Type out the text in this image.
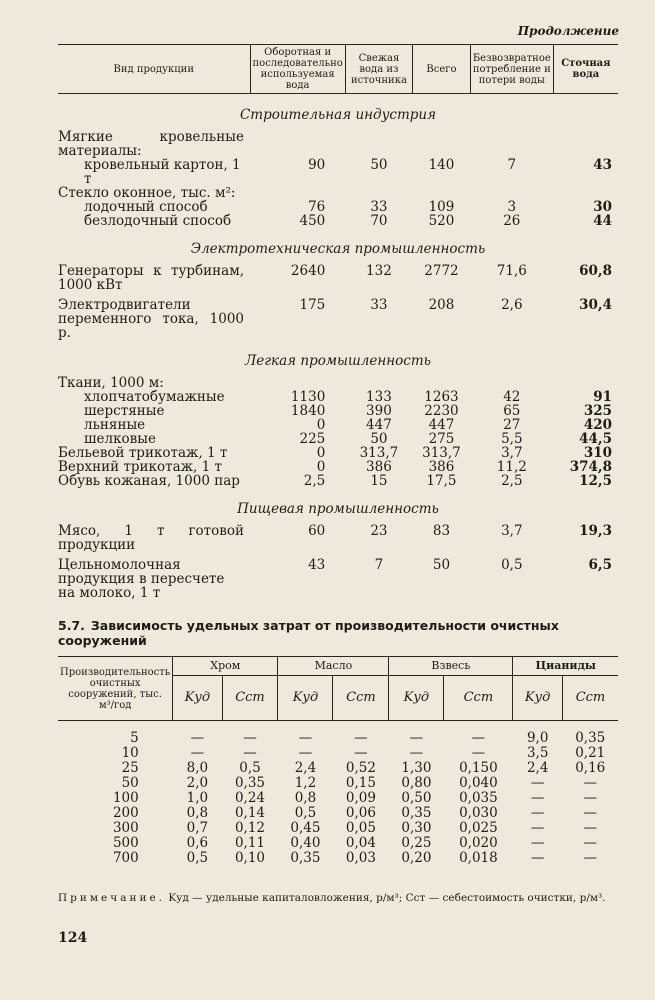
Продолжение
Вид продукции	Оборотная и последовательно используемая вода	Свежая вода из источника	Всего	Безвозвратное потребление и потери воды	Сточная вода
Строительная индустрия					
Мягкие кровельные материалы:					
кровельный картон, 1 т	90	50	140	7	43
Стекло оконное, тыс. м²:					
лодочный способ	76	33	109	3	30
безлодочный способ	450	70	520	26	44
Электротехническая промышленность					
Генераторы к турбинам, 1000 кВт	2640	132	2772	71,6	60,8
Электродвигатели переменного тока, 1000 р.	175	33	208	2,6	30,4
Легкая промышленность					
Ткани, 1000 м:					
хлопчатобумажные	1130	133	1263	42	91
шерстяные	1840	390	2230	65	325
льняные	0	447	447	27	420
шелковые	225	50	275	5,5	44,5
Бельевой трикотаж, 1 т	0	313,7	313,7	3,7	310
Верхний трикотаж, 1 т	0	386	386	11,2	374,8
Обувь кожаная, 1000 пар	2,5	15	17,5	2,5	12,5
Пищевая промышленность					
Мясо, 1 т готовой продукции	60	23	83	3,7	19,3
Цельномолочная продукция в пересчете на молоко, 1 т	43	7	50	0,5	6,5
5.7. Зависимость удельных затрат от производительности очистных сооружений
Производительность очистных сооружений, тыс. м³/год	Хром		Масло		Взвесь		Цианиды	
	Kуд	Cст	Kуд	Cст	Kуд	Cст	Kуд	Cст
5	—	—	—	—	—	—	9,0	0,35
10	—	—	—	—	—	—	3,5	0,21
25	8,0	0,5	2,4	0,52	1,30	0,150	2,4	0,16
50	2,0	0,35	1,2	0,15	0,80	0,040	—	—
100	1,0	0,24	0,8	0,09	0,50	0,035	—	—
200	0,8	0,14	0,5	0,06	0,35	0,030	—	—
300	0,7	0,12	0,45	0,05	0,30	0,025	—	—
500	0,6	0,11	0,40	0,04	0,25	0,020	—	—
700	0,5	0,10	0,35	0,03	0,20	0,018	—	—
Примечание. Kуд — удельные капиталовложения, р/м³; Cст — себестоимость очистки, р/м³.
124
